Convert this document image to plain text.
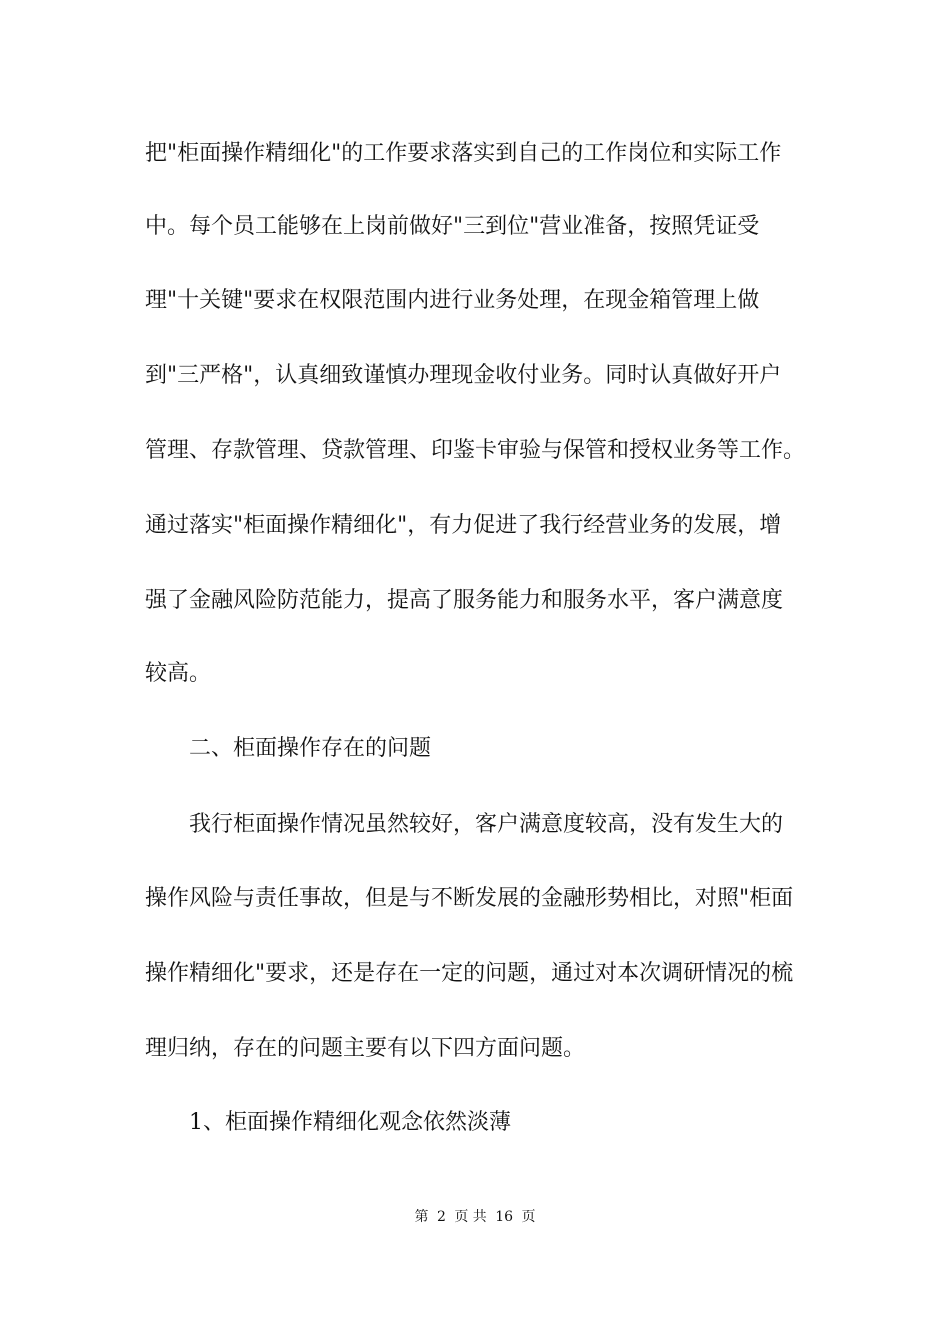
把"柜面操作精细化"的工作要求落实到自己的工作岗位和实际工作
中。每个员工能够在上岗前做好"三到位"营业准备，按照凭证受
理"十关键"要求在权限范围内进行业务处理，在现金箱管理上做
到"三严格"，认真细致谨慎办理现金收付业务。同时认真做好开户
管理、存款管理、贷款管理、印鉴卡审验与保管和授权业务等工作。
通过落实"柜面操作精细化"，有力促进了我行经营业务的发展，增
强了金融风险防范能力，提高了服务能力和服务水平，客户满意度
较高。
二、柜面操作存在的问题
我行柜面操作情况虽然较好，客户满意度较高，没有发生大的
操作风险与责任事故，但是与不断发展的金融形势相比，对照"柜面
操作精细化"要求，还是存在一定的问题，通过对本次调研情况的梳
理归纳，存在的问题主要有以下四方面问题。
1、柜面操作精细化观念依然淡薄
第 2 页 共 16 页
